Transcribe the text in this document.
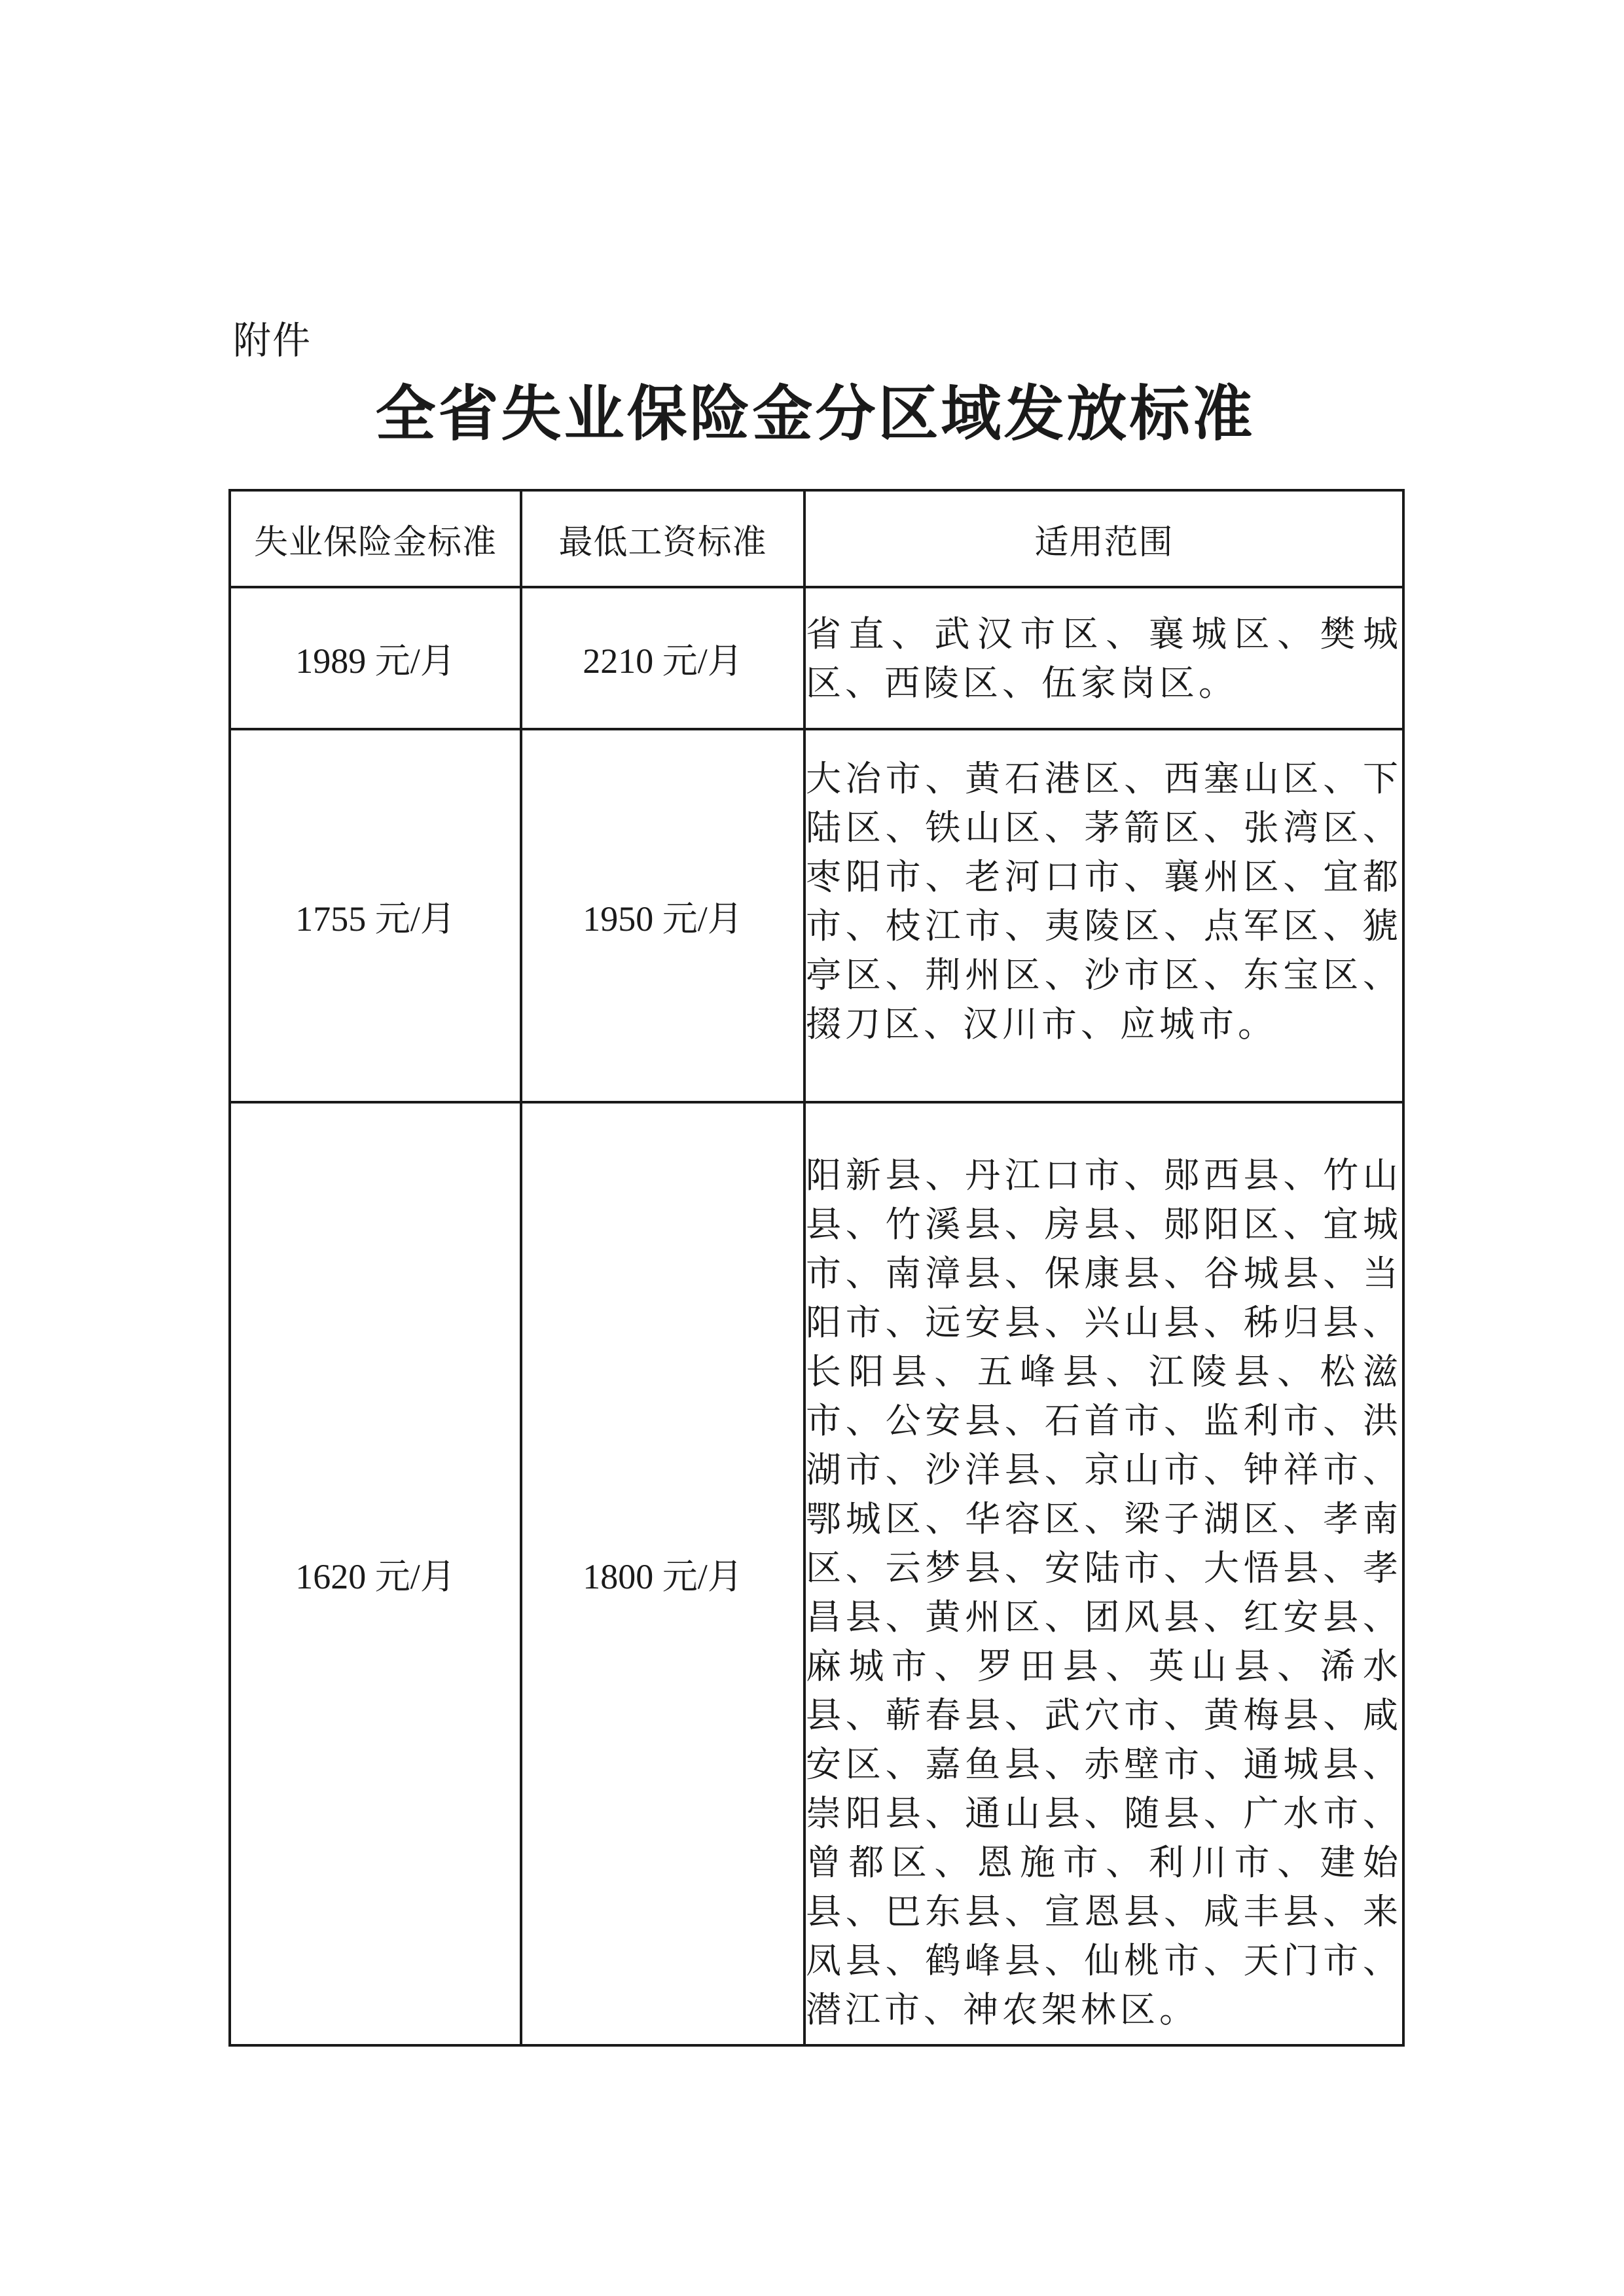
附件
全省失业保险金分区域发放标准
失业保险金标准	最低工资标准	适用范围
1989 元/月	2210 元/月	省直、武汉市区、襄城区、樊城区、西陵区、伍家岗区。
1755 元/月	1950 元/月	大冶市、黄石港区、西塞山区、下陆区、铁山区、茅箭区、张湾区、枣阳市、老河口市、襄州区、宜都市、枝江市、夷陵区、点军区、猇亭区、荆州区、沙市区、东宝区、掇刀区、汉川市、应城市。
1620 元/月	1800 元/月	阳新县、丹江口市、郧西县、竹山县、竹溪县、房县、郧阳区、宜城市、南漳县、保康县、谷城县、当阳市、远安县、兴山县、秭归县、长阳县、五峰县、江陵县、松滋市、公安县、石首市、监利市、洪湖市、沙洋县、京山市、钟祥市、鄂城区、华容区、梁子湖区、孝南区、云梦县、安陆市、大悟县、孝昌县、黄州区、团风县、红安县、麻城市、罗田县、英山县、浠水县、蕲春县、武穴市、黄梅县、咸安区、嘉鱼县、赤壁市、通城县、崇阳县、通山县、随县、广水市、曾都区、恩施市、利川市、建始县、巴东县、宣恩县、咸丰县、来凤县、鹤峰县、仙桃市、天门市、潜江市、神农架林区。
